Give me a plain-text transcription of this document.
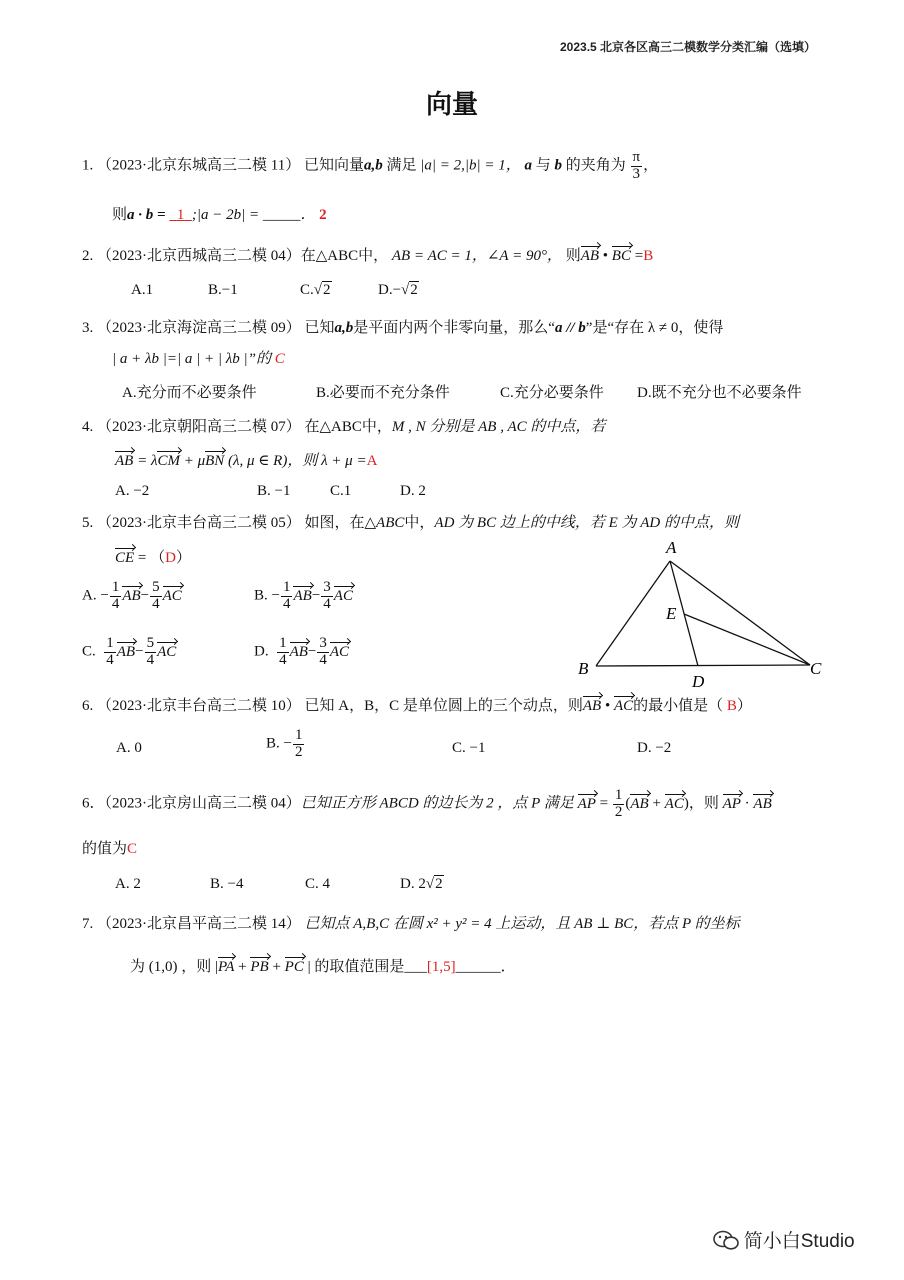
2023.5 北京各区高三二模数学分类汇编（选填）
向量
1. （2023·北京东城高三二模 11） 已知向量a,b 满足 |a| = 2,|b| = 1， a 与 b 的夹角为 $\frac{\pi}{3}$ ，
则a · b = 1 ;|a − 2b| = _____． 2
2. （2023·北京西城高三二模 04）在△ABC中， AB = AC = 1，∠A = 90°， 则AB • BC =B
A.1	B.−1	C.√2	D.−√2
3. （2023·北京海淀高三二模 09） 已知a,b是平面内两个非零向量，那么“a // b”是“存在 λ ≠ 0，使得
| a + λb |=| a | + | λb |”的 C
A.充分而不必要条件	B.必要而不充分条件	C.充分必要条件 D.既不充分也不必要条件
4. （2023·北京朝阳高三二模 07） 在△ABC中，M , N 分别是 AB , AC 的中点，若
AB = λCM + μBN (λ, μ ∈ R)，则 λ + μ =A
A. −2	B. −1	C.1	D. 2
5. （2023·北京丰台高三二模 05） 如图，在△ABC中，AD 为 BC 边上的中线，若 E 为 AD 的中点，则
CE = （D）
A. − $\frac{1}{4} AB- \frac{5}{4}$ AC	B. − $\frac{1}{4} AB- \frac{3}{4}$ AC
C. $\frac{1}{4} AB- \frac{5}{4}$ AC	D. $\frac{1}{4} AB- \frac{3}{4}$ AC
A
B	C
D
E
6. （2023·北京丰台高三二模 10） 已知 A，B，C 是单位圆上的三个动点，则AB • AC的最小值是（ B）
A. 0	B. − $\frac{1}{2}$	C. −1	D. −2
6．（2023·北京房山高三二模 04）已知正方形 ABCD 的边长为 2 ，点 P 满足 AP = $\frac{1}{2} (AB + AC)$，则 AP · AB
的值为C
A. 2	B. −4	C. 4	D. 2√2
7. （2023·北京昌平高三二模 14） 已知点 A,B,C 在圆 x² + y² = 4 上运动，且 AB ⊥ BC，若点 P 的坐标
为 (1,0) ，则 |PA + PB + PC | 的取值范围是___[1,5]______．
简小白Studio
